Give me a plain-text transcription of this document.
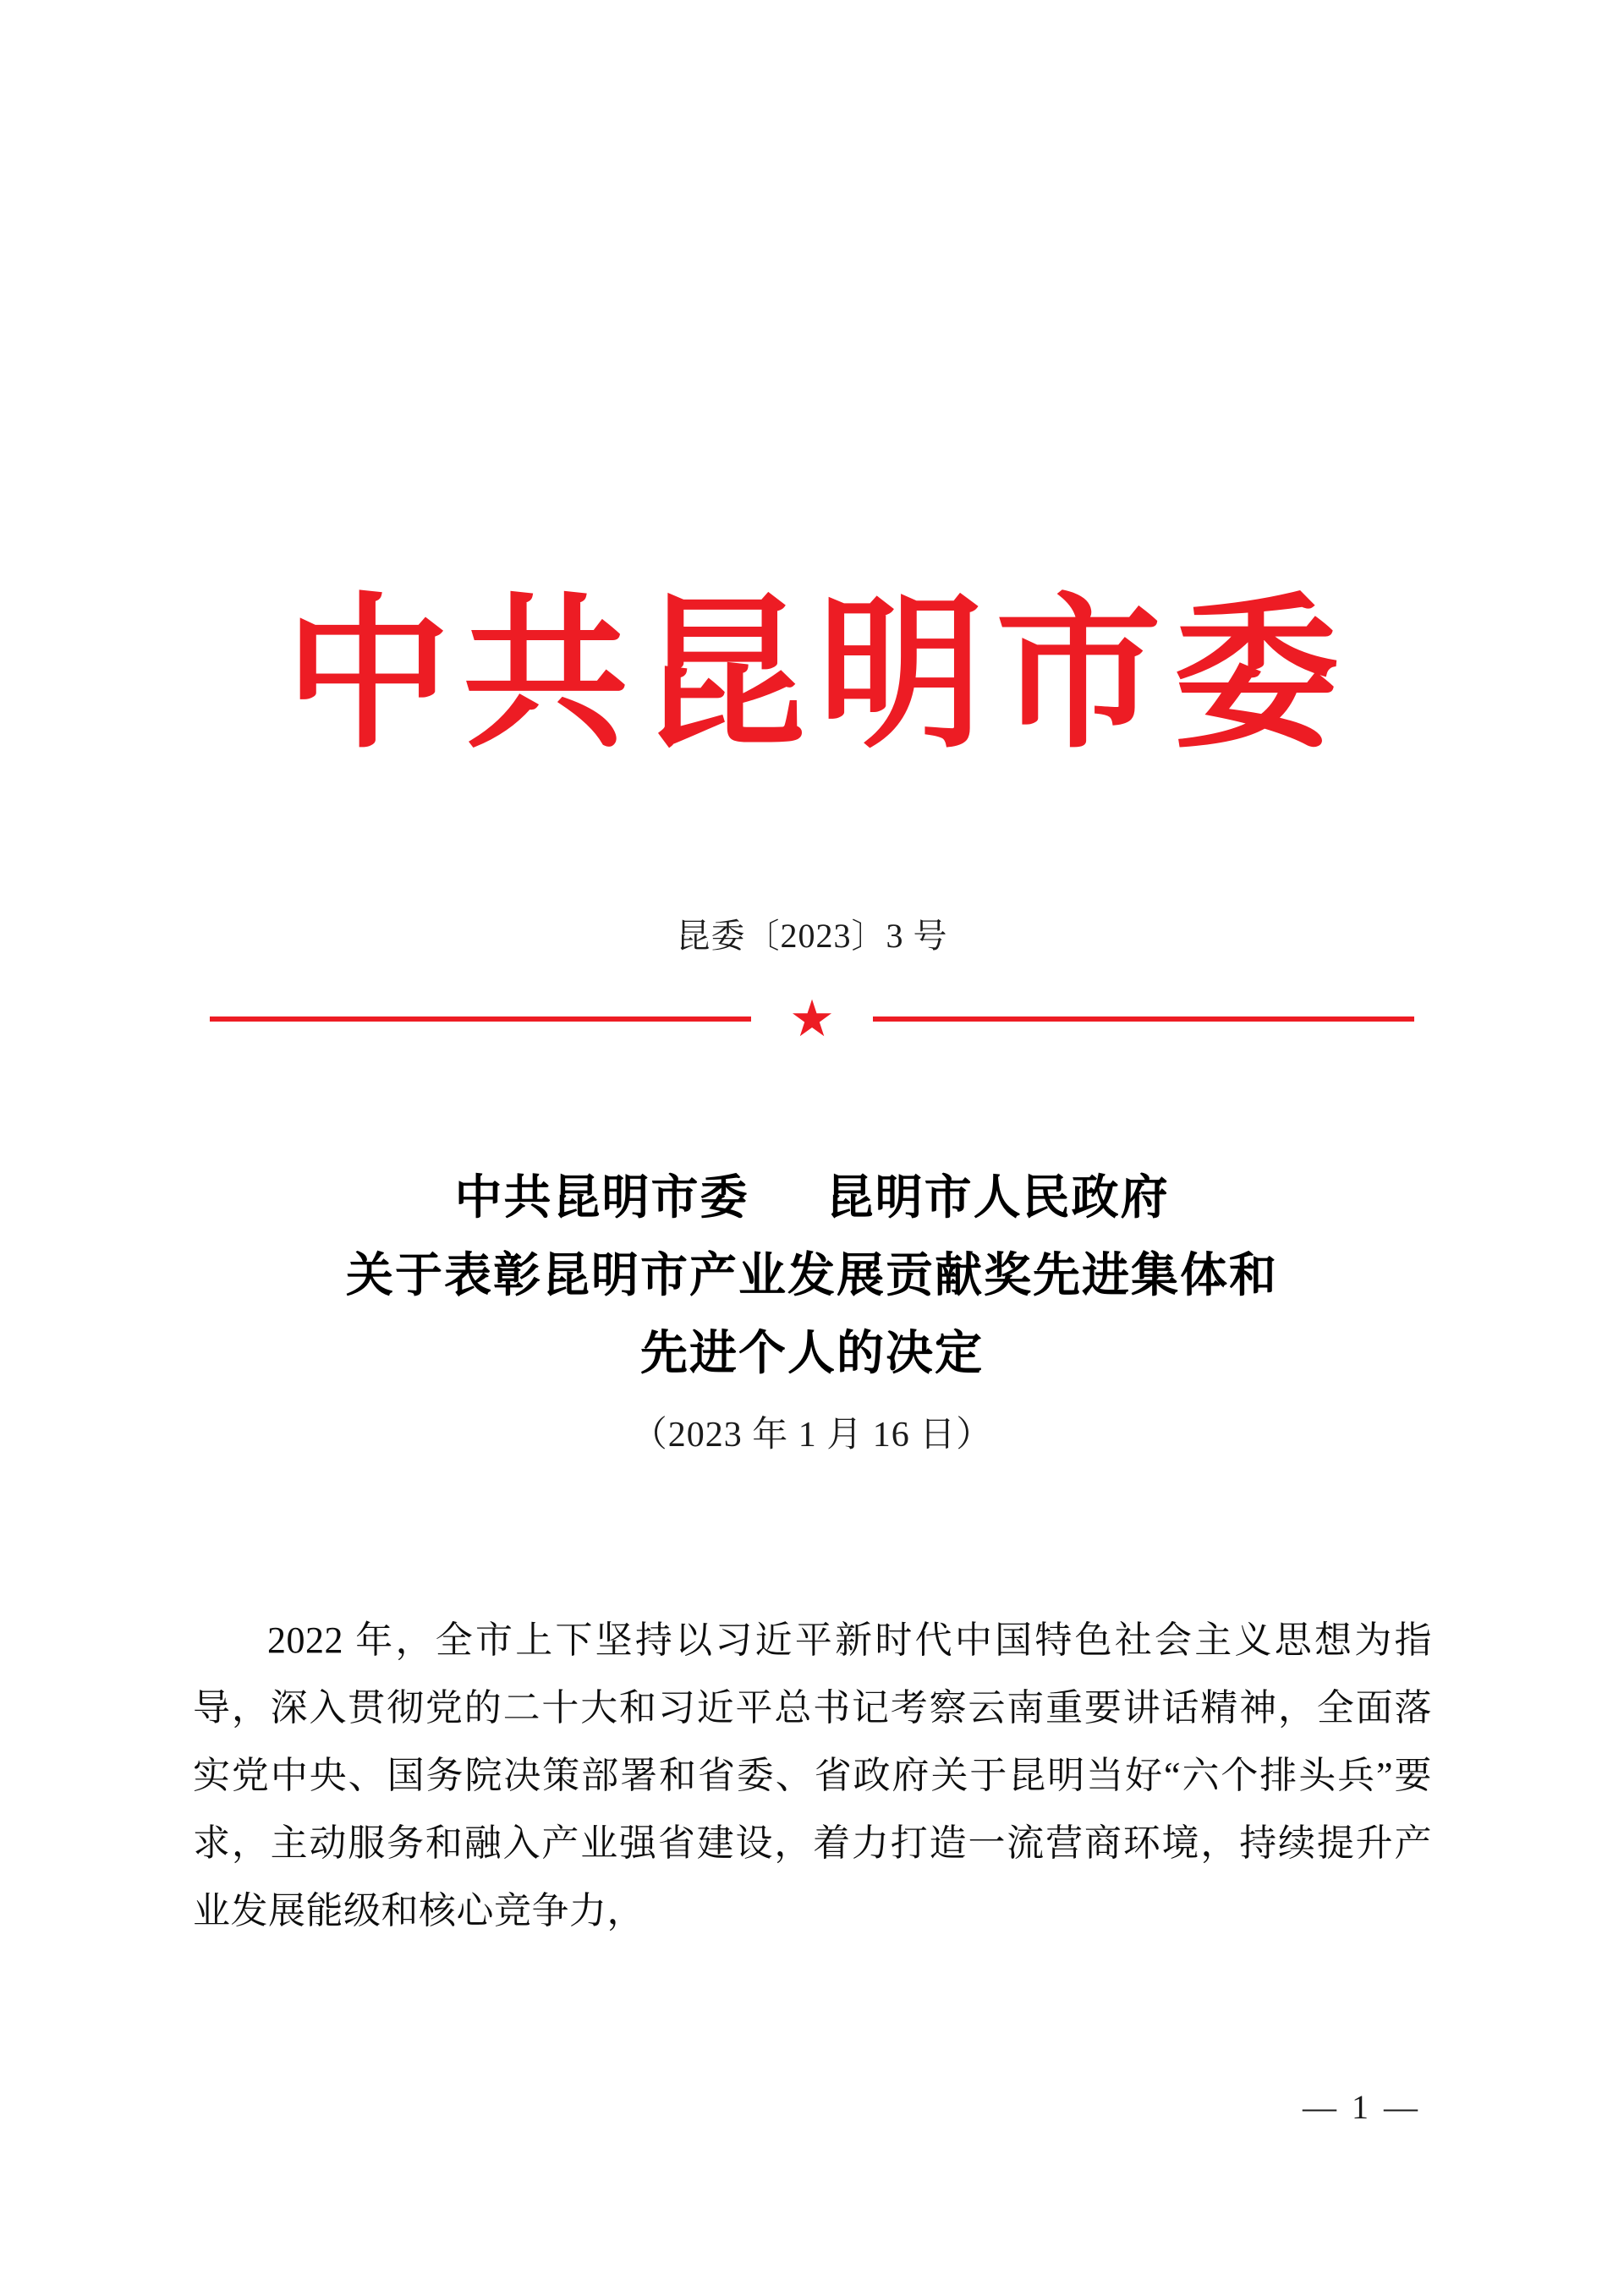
中共昆明市委
昆委〔2023〕3 号
★
中共昆明市委 昆明市人民政府
关于表彰昆明市产业发展贡献奖先进集体和
先进个人的决定
（2023 年 1 月 16 日）

2022 年，全市上下坚持以习近平新时代中国特色社会主义思想为指导，深入贯彻党的二十大和习近平总书记考察云南重要讲话精神，全面落实党中央、国务院决策部署和省委、省政府关于昆明当好“六个排头兵”要求，主动服务和融入产业强省建设，着力打造一流营商环境，持续提升产业发展能级和核心竞争力，

— 1 —
